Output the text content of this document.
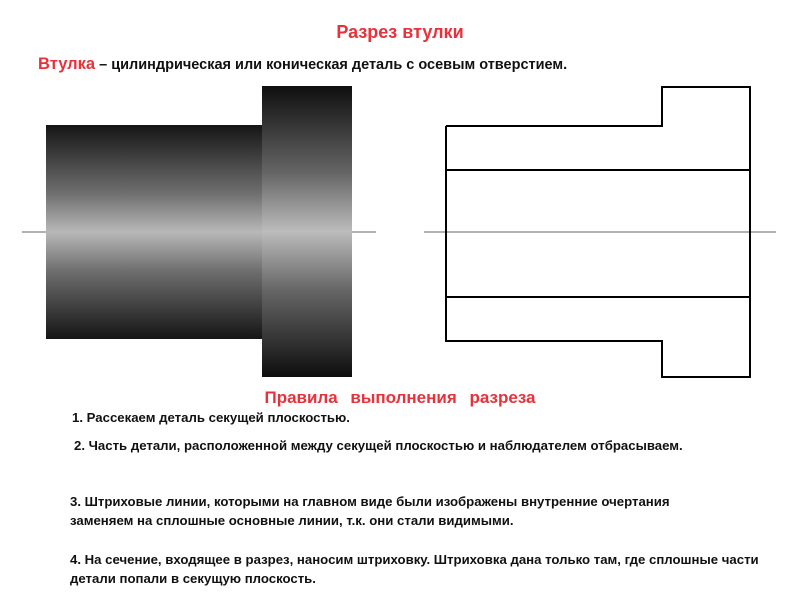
Разрез втулки
Втулка – цилиндрическая или коническая деталь с осевым отверстием.
Правила выполнения разреза
1. Рассекаем деталь секущей плоскостью.
2. Часть детали, расположенной между секущей плоскостью и наблюдателем отбрасываем.
3. Штриховые линии, которыми на главном виде были изображены внутренние очертания заменяем на сплошные основные линии, т.к. они стали видимыми.
4. На сечение, входящее в разрез, наносим штриховку. Штриховка дана только там, где сплошные части детали попали в секущую плоскость.
